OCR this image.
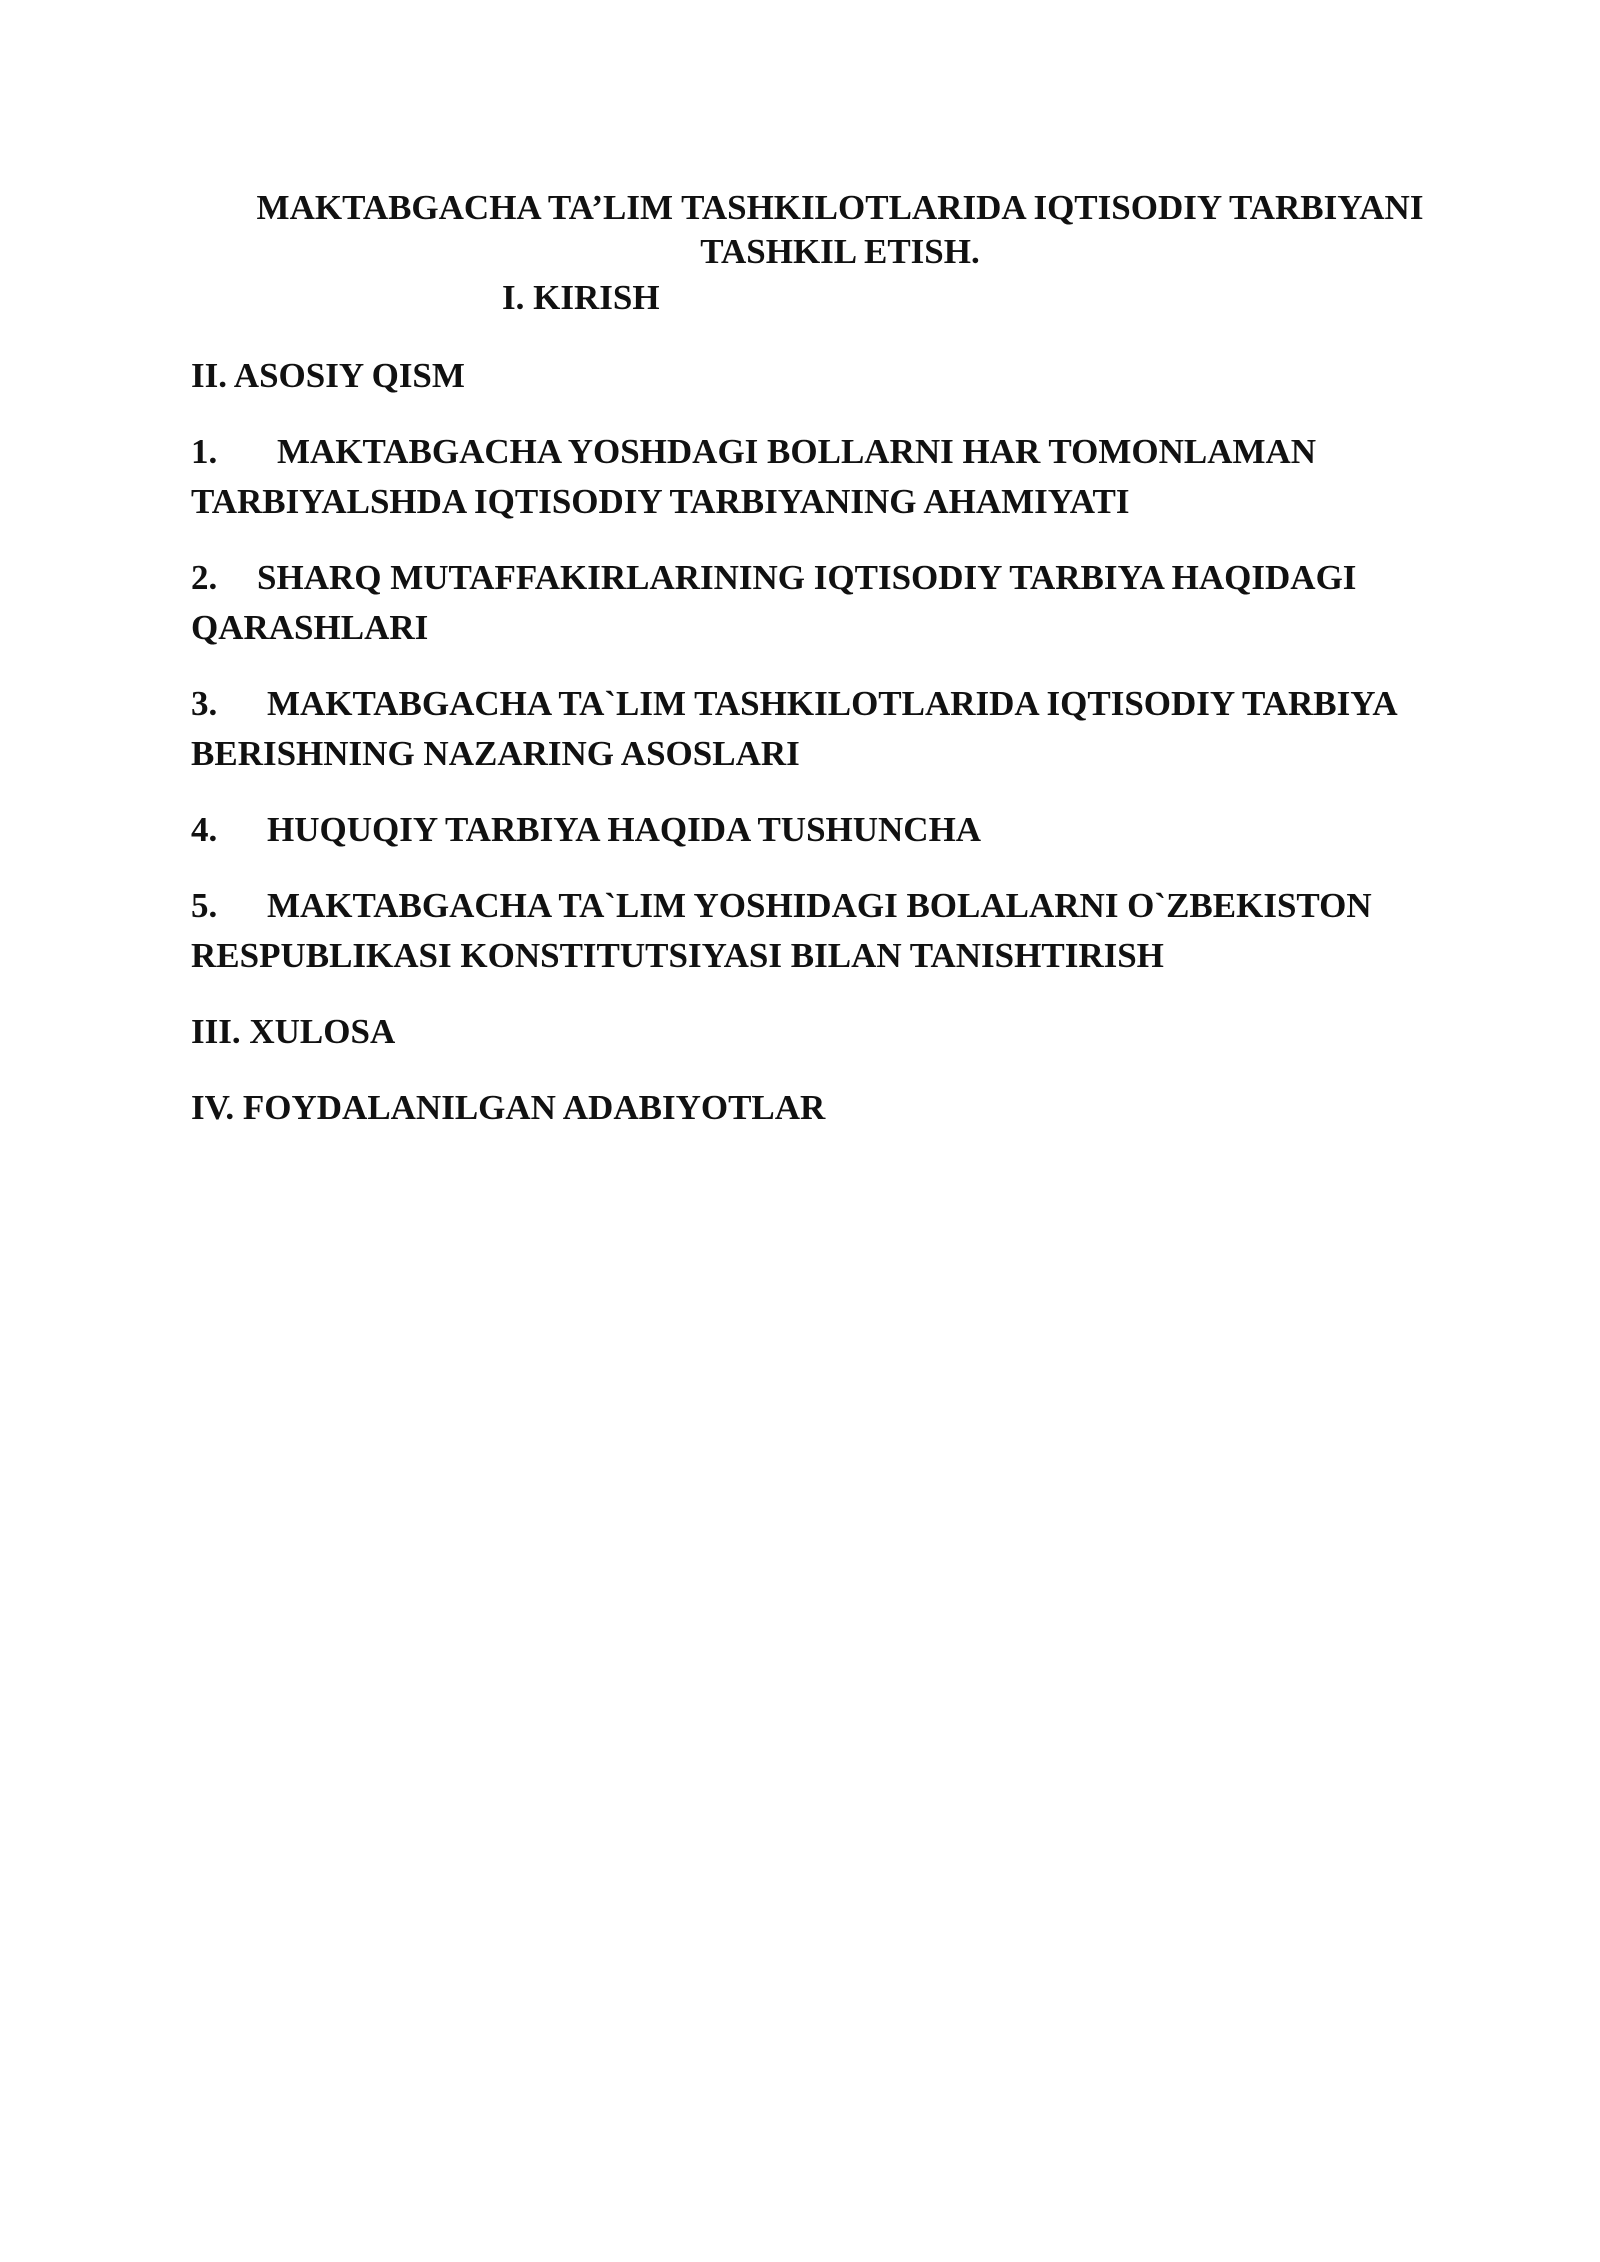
MAKTABGACHA TA’LIM TASHKILOTLARIDA IQTISODIY TARBIYANI
TASHKIL ETISH.
I. KIRISH
II. ASOSIY QISM
1. MAKTABGACHA YOSHDAGI BOLLARNI HAR TOMONLAMAN TARBIYALSHDA IQTISODIY TARBIYANING AHAMIYATI
2. SHARQ MUTAFFAKIRLARINING IQTISODIY TARBIYA HAQIDAGI QARASHLARI
3. MAKTABGACHA TA`LIM TASHKILOTLARIDA IQTISODIY TARBIYA BERISHNING NAZARING ASOSLARI
4. HUQUQIY TARBIYA HAQIDA TUSHUNCHA
5. MAKTABGACHA TA`LIM YOSHIDAGI BOLALARNI O`ZBEKISTON RESPUBLIKASI KONSTITUTSIYASI BILAN TANISHTIRISH
III. XULOSA
IV. FOYDALANILGAN ADABIYOTLAR
